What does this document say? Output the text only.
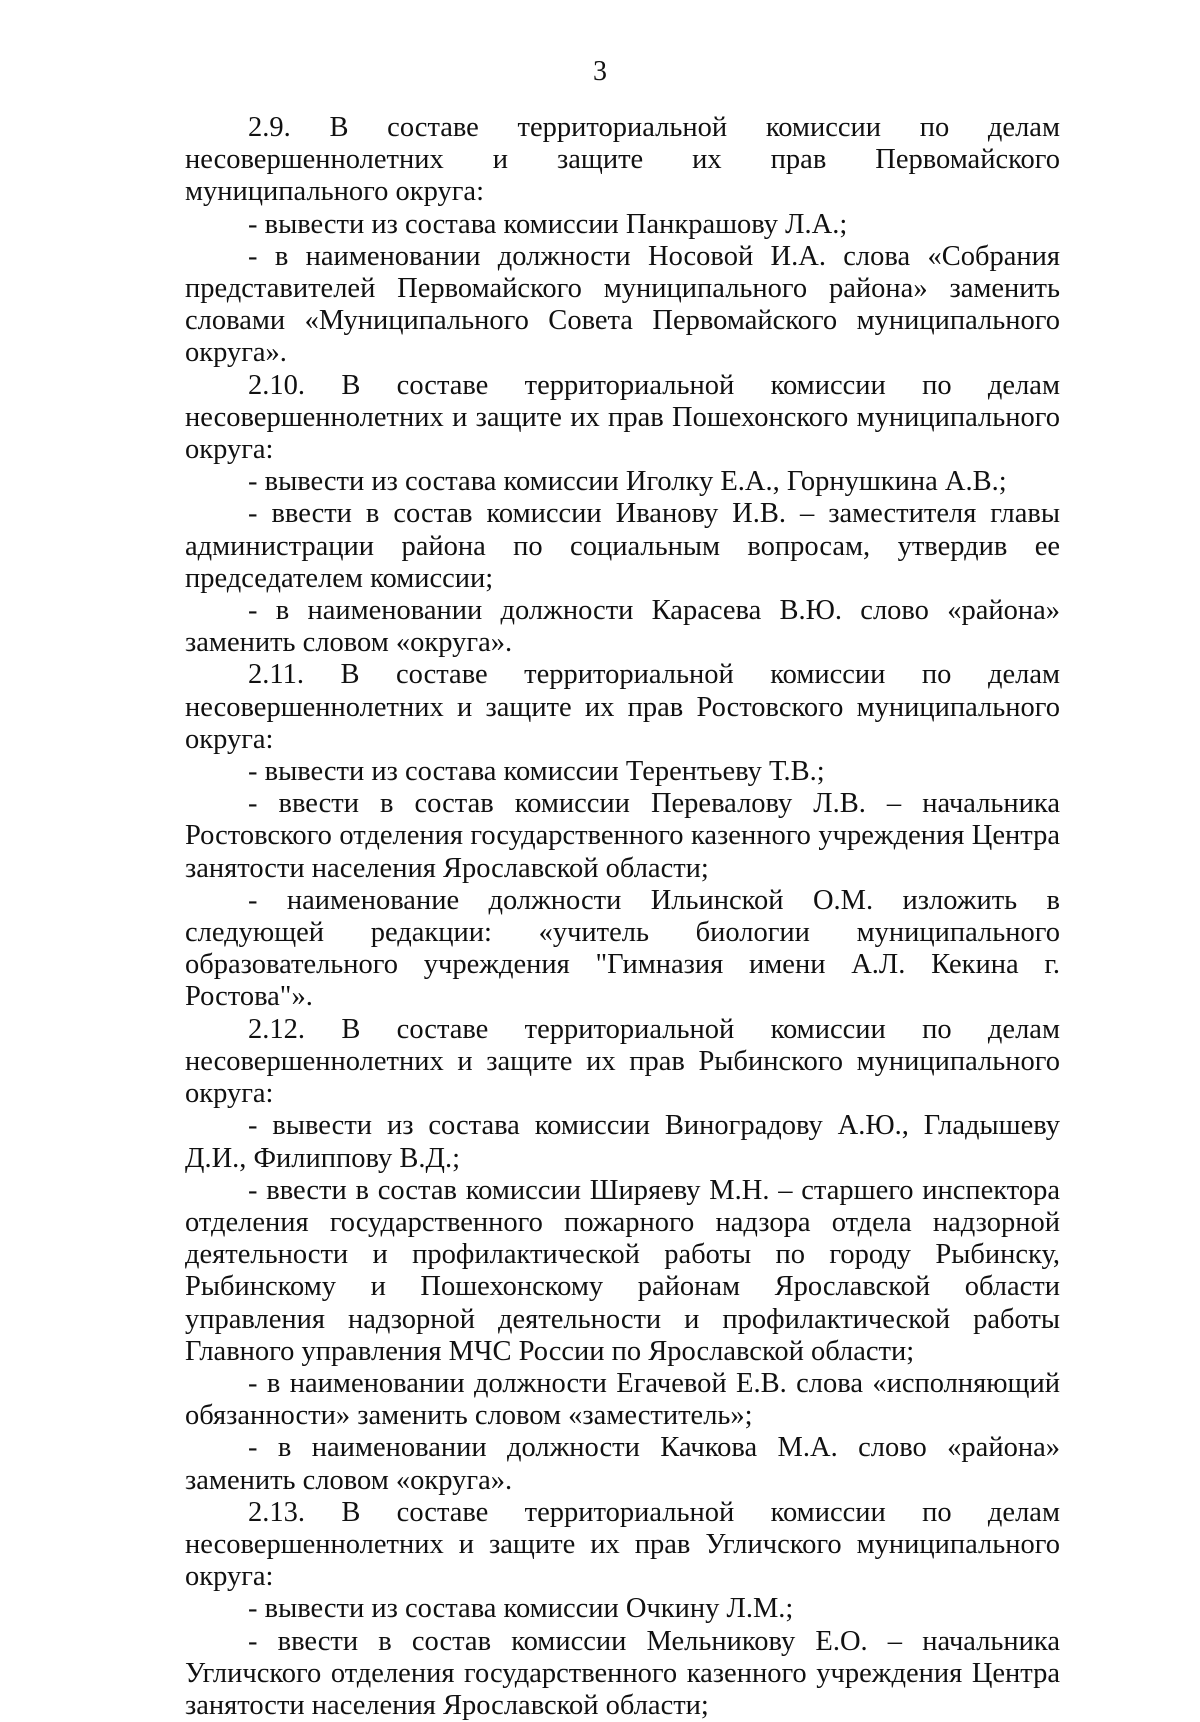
3

2.9. В составе территориальной комиссии по делам несовершеннолетних и защите их прав Первомайского муниципального округа:

- вывести из состава комиссии Панкрашову Л.А.;

- в наименовании должности Носовой И.А. слова «Собрания представителей Первомайского муниципального района» заменить словами «Муниципального Совета Первомайского муниципального округа».

2.10. В составе территориальной комиссии по делам несовершеннолетних и защите их прав Пошехонского муниципального округа:

- вывести из состава комиссии Иголку Е.А., Горнушкина А.В.;

- ввести в состав комиссии Иванову И.В. – заместителя главы администрации района по социальным вопросам, утвердив ее председателем комиссии;

- в наименовании должности Карасева В.Ю. слово «района» заменить словом «округа».

2.11. В составе территориальной комиссии по делам несовершеннолетних и защите их прав Ростовского муниципального округа:

- вывести из состава комиссии Терентьеву Т.В.;

- ввести в состав комиссии Перевалову Л.В. – начальника Ростовского отделения государственного казенного учреждения Центра занятости населения Ярославской области;

- наименование должности Ильинской О.М. изложить в следующей редакции: «учитель биологии муниципального образовательного учреждения "Гимназия имени А.Л. Кекина г. Ростова"».

2.12. В составе территориальной комиссии по делам несовершеннолетних и защите их прав Рыбинского муниципального округа:

- вывести из состава комиссии Виноградову А.Ю., Гладышеву Д.И., Филиппову В.Д.;

- ввести в состав комиссии Ширяеву М.Н. – старшего инспектора отделения государственного пожарного надзора отдела надзорной деятельности и профилактической работы по городу Рыбинску, Рыбинскому и Пошехонскому районам Ярославской области управления надзорной деятельности и профилактической работы Главного управления МЧС России по Ярославской области;

- в наименовании должности Егачевой Е.В. слова «исполняющий обязанности» заменить словом «заместитель»;

- в наименовании должности Качкова М.А. слово «района» заменить словом «округа».

2.13. В составе территориальной комиссии по делам несовершеннолетних и защите их прав Угличского муниципального округа:

- вывести из состава комиссии Очкину Л.М.;

- ввести в состав комиссии Мельникову Е.О. – начальника Угличского отделения государственного казенного учреждения Центра занятости населения Ярославской области;
